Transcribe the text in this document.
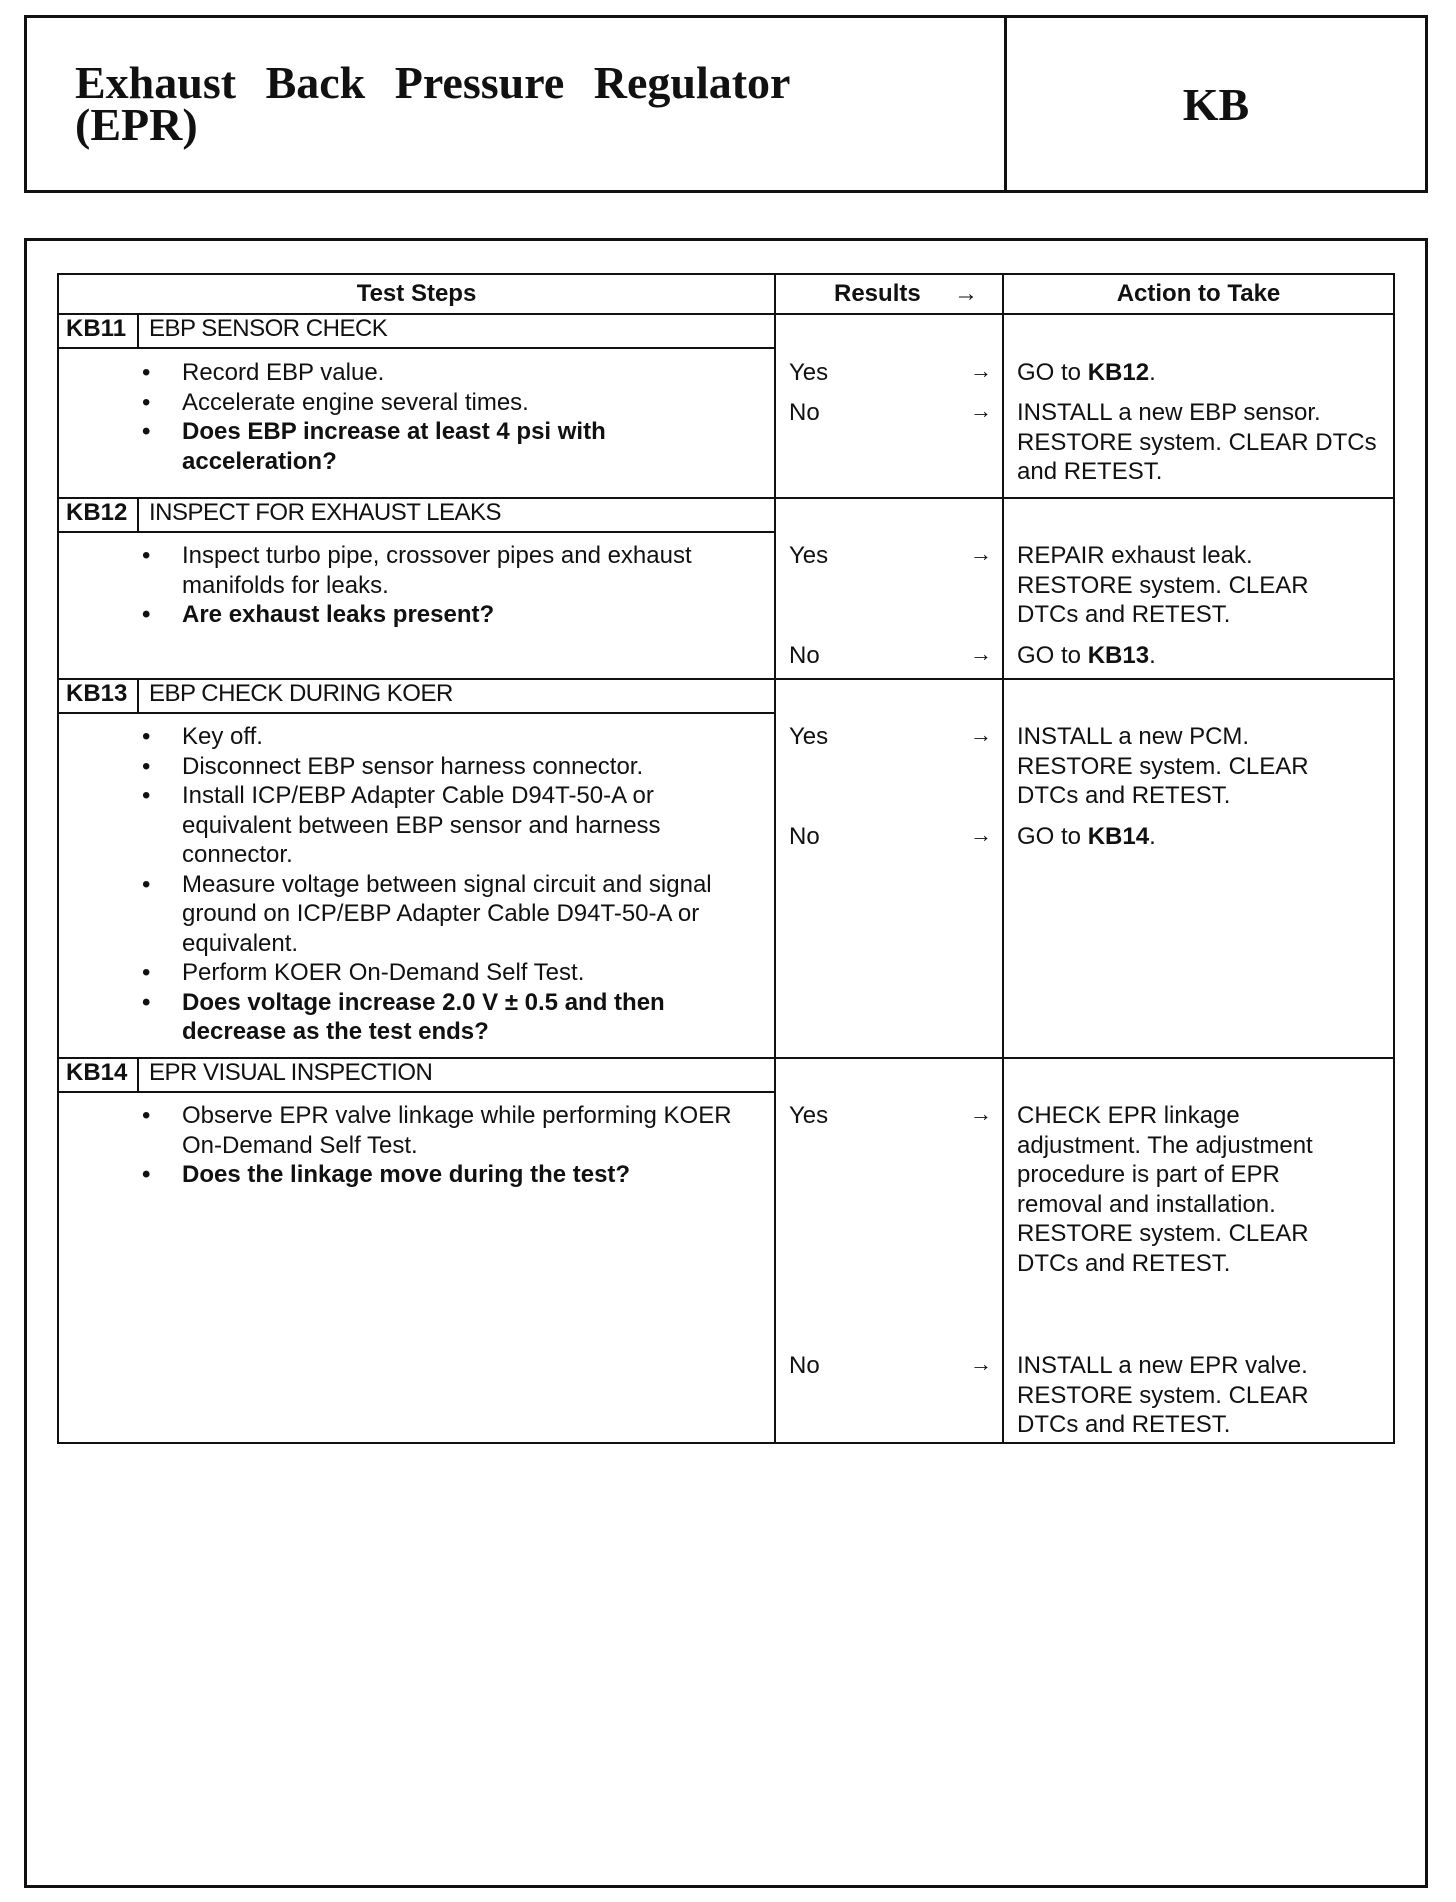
Exhaust Back Pressure Regulator (EPR)	KB
Test Steps	Results →	Action to Take
KB11 EBP SENSOR CHECK
• Record EBP value.
• Accelerate engine several times.
• Does EBP increase at least 4 psi with acceleration?
Yes	→ GO to KB12.
No	→ INSTALL a new EBP sensor. RESTORE system. CLEAR DTCs and RETEST.
KB12 INSPECT FOR EXHAUST LEAKS
• Inspect turbo pipe, crossover pipes and exhaust manifolds for leaks.
• Are exhaust leaks present?
Yes	→ REPAIR exhaust leak. RESTORE system. CLEAR DTCs and RETEST.
No	→ GO to KB13.
KB13 EBP CHECK DURING KOER
• Key off.
• Disconnect EBP sensor harness connector.
• Install ICP/EBP Adapter Cable D94T-50-A or equivalent between EBP sensor and harness connector.
• Measure voltage between signal circuit and signal ground on ICP/EBP Adapter Cable D94T-50-A or equivalent.
• Perform KOER On-Demand Self Test.
• Does voltage increase 2.0 V ± 0.5 and then decrease as the test ends?
Yes	→ INSTALL a new PCM. RESTORE system. CLEAR DTCs and RETEST.
No	→ GO to KB14.
KB14 EPR VISUAL INSPECTION
• Observe EPR valve linkage while performing KOER On-Demand Self Test.
• Does the linkage move during the test?
Yes	→ CHECK EPR linkage adjustment. The adjustment procedure is part of EPR removal and installation. RESTORE system. CLEAR DTCs and RETEST.
No	→ INSTALL a new EPR valve. RESTORE system. CLEAR DTCs and RETEST.
